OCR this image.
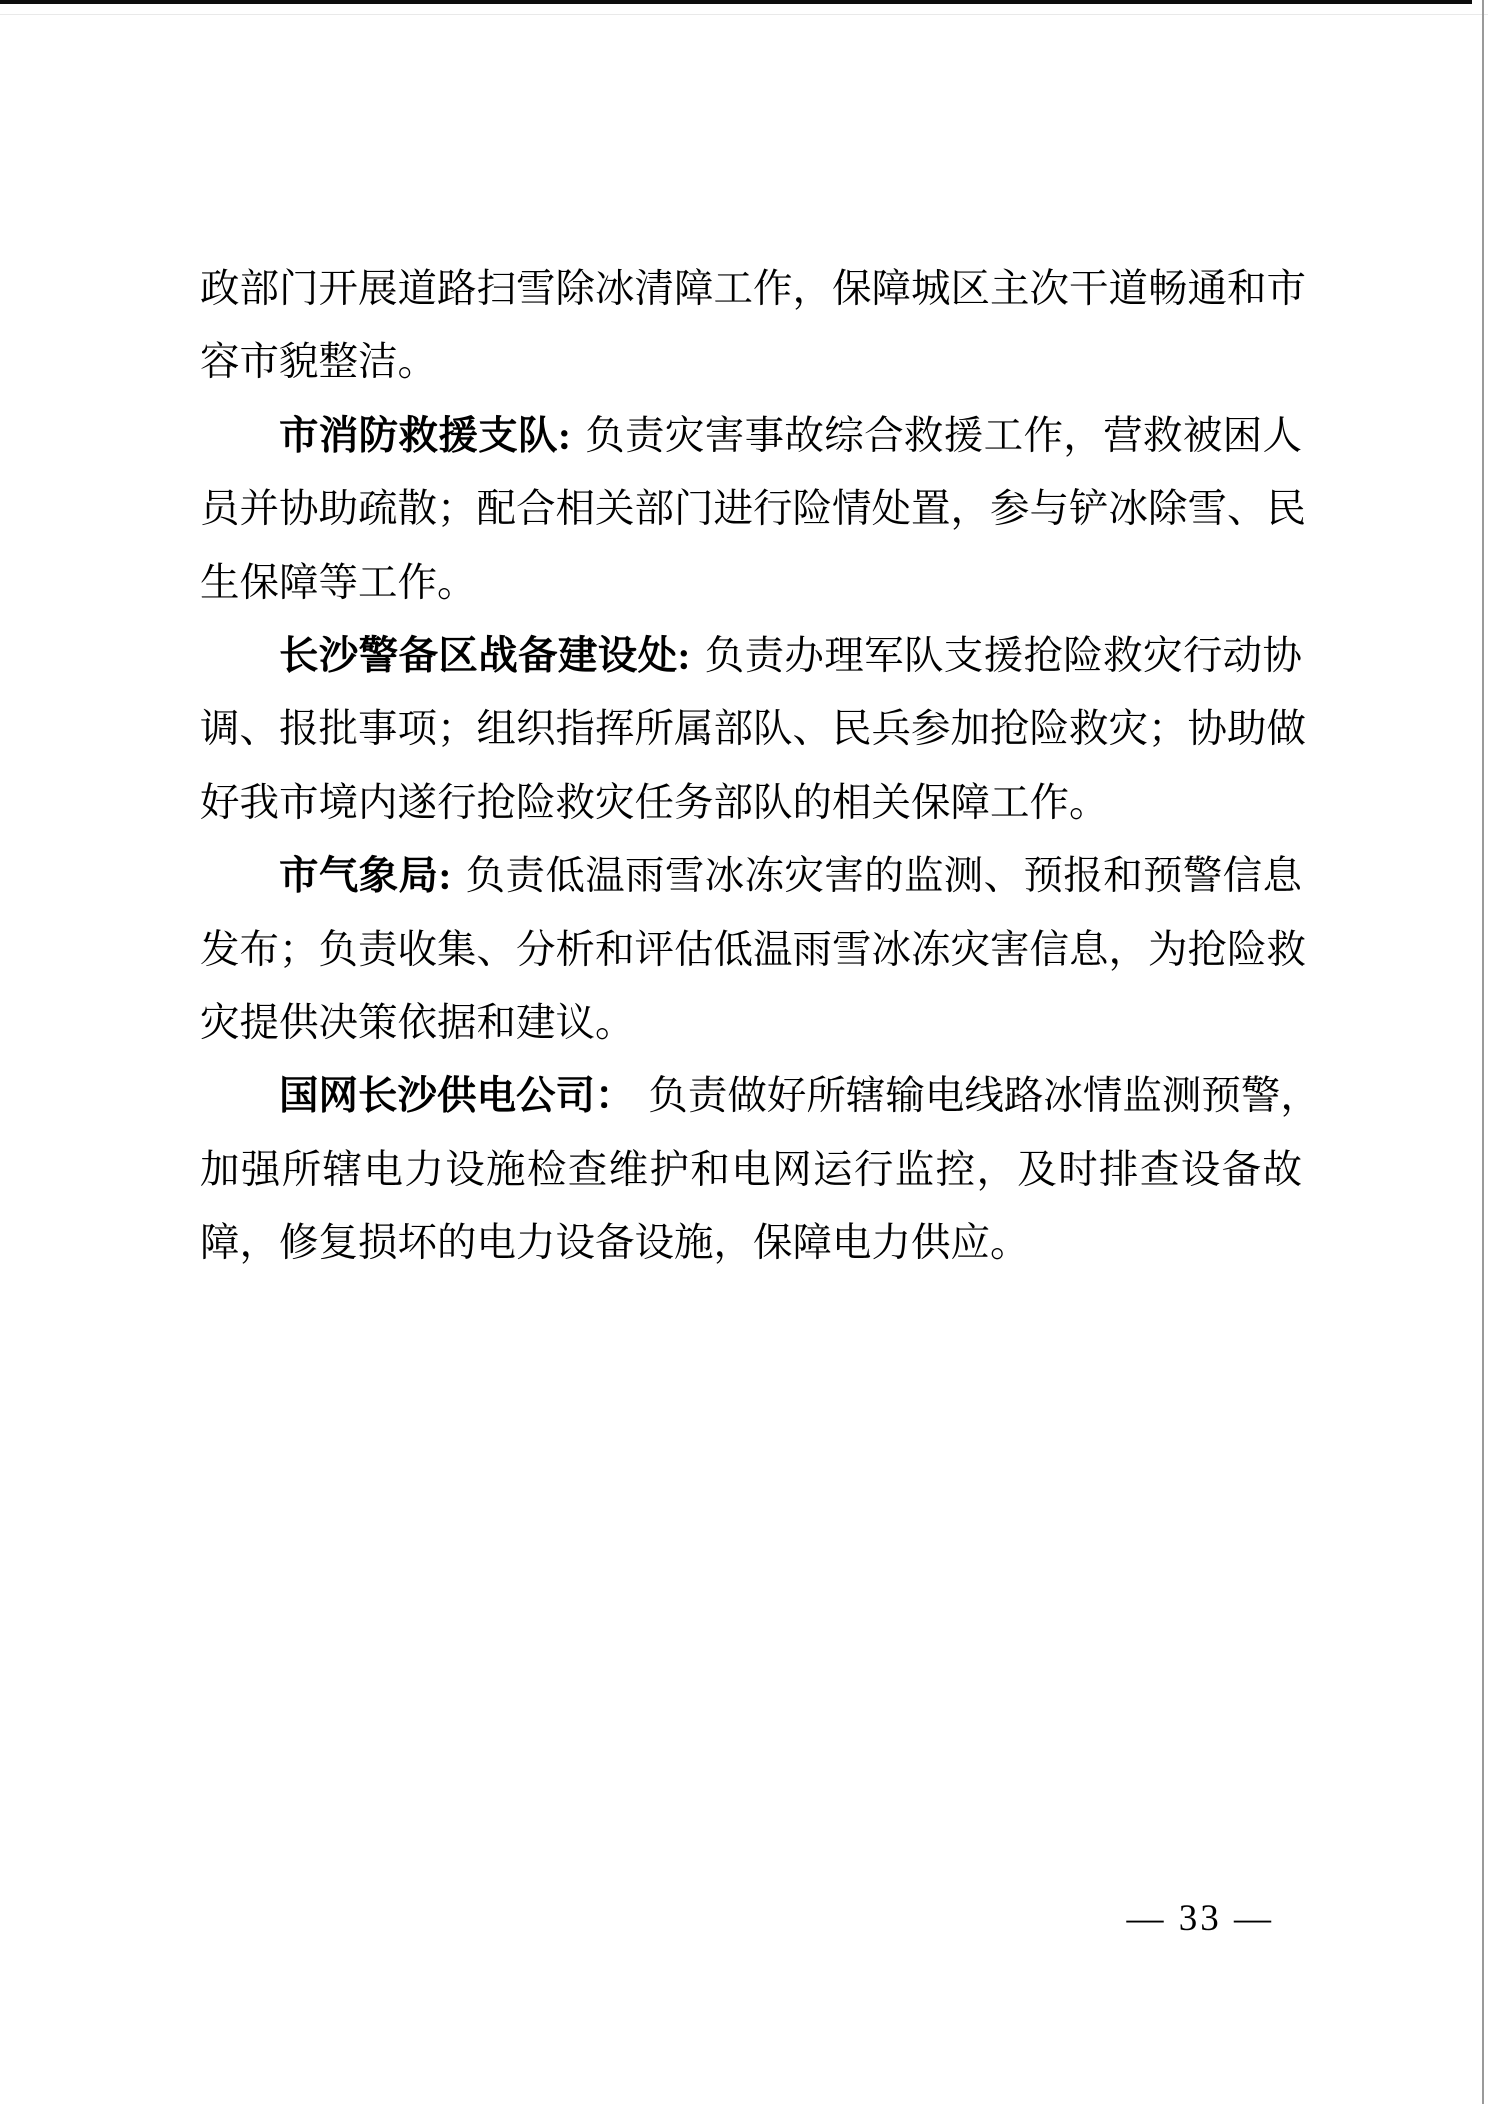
政部门开展道路扫雪除冰清障工作，保障城区主次干道畅通和市
容市貌整洁。
市消防救援支队: 负责灾害事故综合救援工作，营救被困人
员并协助疏散；配合相关部门进行险情处置，参与铲冰除雪、民
生保障等工作。
长沙警备区战备建设处: 负责办理军队支援抢险救灾行动协
调、报批事项；组织指挥所属部队、民兵参加抢险救灾；协助做
好我市境内遂行抢险救灾任务部队的相关保障工作。
市气象局: 负责低温雨雪冰冻灾害的监测、预报和预警信息
发布；负责收集、分析和评估低温雨雪冰冻灾害信息，为抢险救
灾提供决策依据和建议。
国网长沙供电公司： 负责做好所辖输电线路冰情监测预警，
加强所辖电力设施检查维护和电网运行监控，及时排查设备故
障，修复损坏的电力设备设施，保障电力供应。
— 33 —
